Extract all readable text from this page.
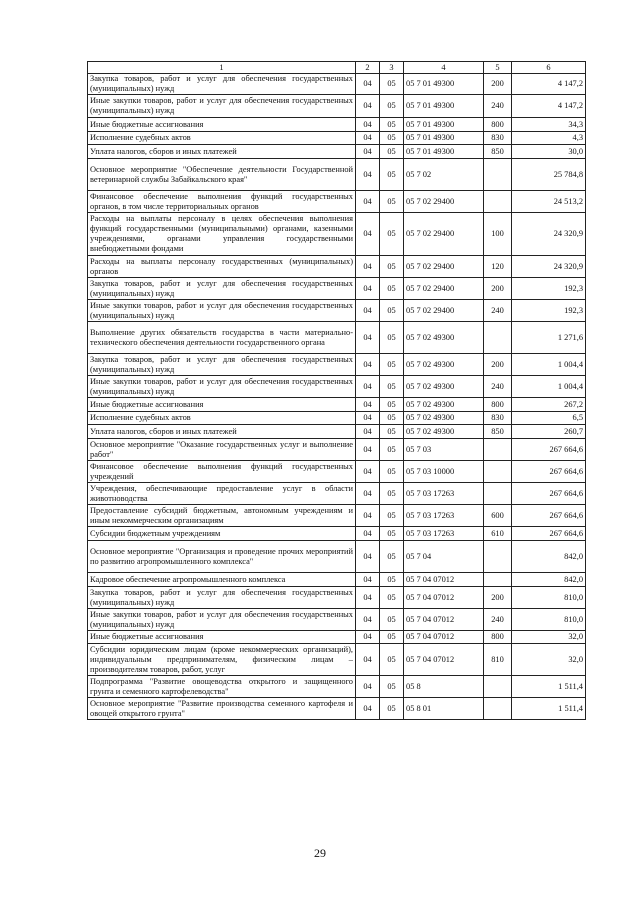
1	2	3	4	5	6
Закупка товаров, работ и услуг для обеспечения государственных (муниципальных) нужд	04	05	05 7 01 49300	200	4 147,2
Иные закупки товаров, работ и услуг для обеспечения государственных (муниципальных) нужд	04	05	05 7 01 49300	240	4 147,2
Иные бюджетные ассигнования	04	05	05 7 01 49300	800	34,3
Исполнение судебных актов	04	05	05 7 01 49300	830	4,3
Уплата налогов, сборов и иных платежей	04	05	05 7 01 49300	850	30,0
Основное мероприятие "Обеспечение деятельности Государственной ветеринарной службы Забайкальского края"	04	05	05 7 02		25 784,8
Финансовое обеспечение выполнения функций государственных органов, в том числе территориальных органов	04	05	05 7 02 29400		24 513,2
Расходы на выплаты персоналу в целях обеспечения выполнения функций государственными (муниципальными) органами, казенными учреждениями, органами управления государственными внебюджетными фондами	04	05	05 7 02 29400	100	24 320,9
Расходы на выплаты персоналу государственных (муниципальных) органов	04	05	05 7 02 29400	120	24 320,9
Закупка товаров, работ и услуг для обеспечения государственных (муниципальных) нужд	04	05	05 7 02 29400	200	192,3
Иные закупки товаров, работ и услуг для обеспечения государственных (муниципальных) нужд	04	05	05 7 02 29400	240	192,3
Выполнение других обязательств государства в части материально-технического обеспечения деятельности государственного органа	04	05	05 7 02 49300		1 271,6
Закупка товаров, работ и услуг для обеспечения государственных (муниципальных) нужд	04	05	05 7 02 49300	200	1 004,4
Иные закупки товаров, работ и услуг для обеспечения государственных (муниципальных) нужд	04	05	05 7 02 49300	240	1 004,4
Иные бюджетные ассигнования	04	05	05 7 02 49300	800	267,2
Исполнение судебных актов	04	05	05 7 02 49300	830	6,5
Уплата налогов, сборов и иных платежей	04	05	05 7 02 49300	850	260,7
Основное мероприятие "Оказание государственных услуг и выполнение работ"	04	05	05 7 03		267 664,6
Финансовое обеспечение выполнения функций государственных учреждений	04	05	05 7 03 10000		267 664,6
Учреждения, обеспечивающие предоставление услуг в области животноводства	04	05	05 7 03 17263		267 664,6
Предоставление субсидий бюджетным, автономным учреждениям и иным некоммерческим организациям	04	05	05 7 03 17263	600	267 664,6
Субсидии бюджетным учреждениям	04	05	05 7 03 17263	610	267 664,6
Основное мероприятие "Организация и проведение прочих мероприятий по развитию агропромышленного комплекса"	04	05	05 7 04		842,0
Кадровое обеспечение агропромышленного комплекса	04	05	05 7 04 07012		842,0
Закупка товаров, работ и услуг для обеспечения государственных (муниципальных) нужд	04	05	05 7 04 07012	200	810,0
Иные закупки товаров, работ и услуг для обеспечения государственных (муниципальных) нужд	04	05	05 7 04 07012	240	810,0
Иные бюджетные ассигнования	04	05	05 7 04 07012	800	32,0
Субсидии юридическим лицам (кроме некоммерческих организаций), индивидуальным предпринимателям, физическим лицам – производителям товаров, работ, услуг	04	05	05 7 04 07012	810	32,0
Подпрограмма "Развитие овощеводства открытого и защищенного грунта и семенного картофелеводства"	04	05	05 8		1 511,4
Основное мероприятие "Развитие производства семенного картофеля и овощей открытого грунта"	04	05	05 8 01		1 511,4
29
